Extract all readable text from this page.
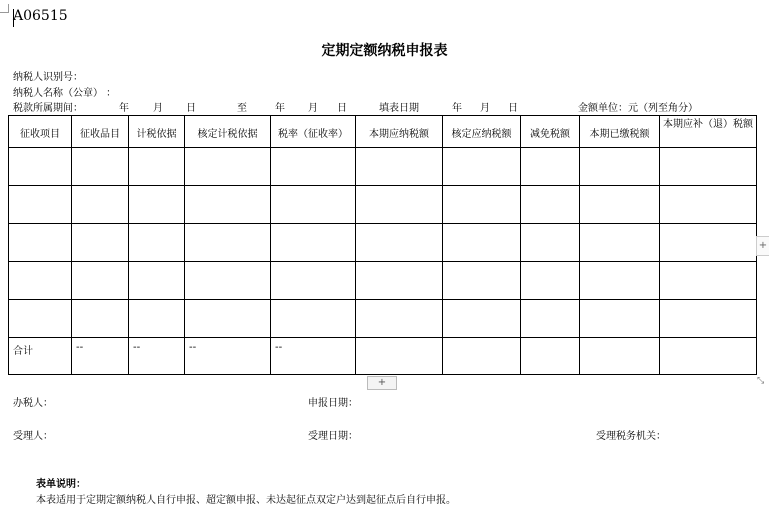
A06515
定期定额纳税申报表
纳税人识别号：
纳税人名称（公章） ：
税款所属期间：	年 月 日	至	年 月 日	填表日期	年 月 日	金额单位：元（列至角分）
征收项目	征收品目	计税依据	核定计税依据	税率（征收率）	本期应纳税额	核定应纳税额	减免税额	本期已缴税额	本期应补（退）税额

合计	--	--	--	--					
+
+	⤡
办税人：	申报日期：
受理人：	受理日期：	受理税务机关：
表单说明：
本表适用于定期定额纳税人自行申报、超定额申报、未达起征点双定户达到起征点后自行申报。
